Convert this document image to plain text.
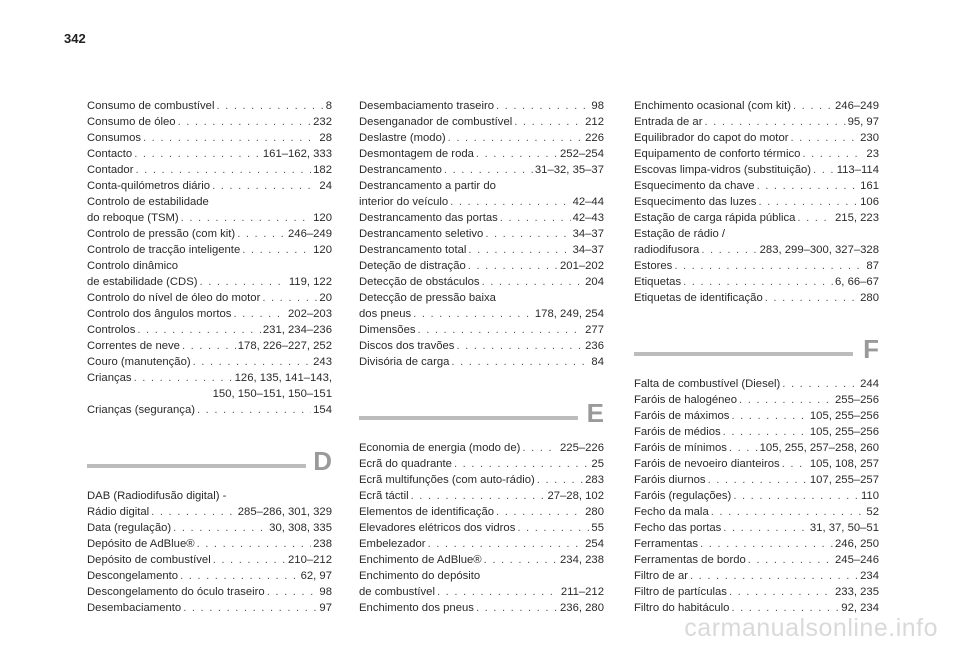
342
Consumo de combustível . . .	8
Consumo de óleo . . .	232
Consumos . . .	28
Contacto . . .	161–162, 333
Contador . . .	182
Conta-quilómetros diário . . .	24
Controlo de estabilidade
do reboque (TSM) . . .	120
Controlo de pressão (com kit) . . .	246–249
Controlo de tracção inteligente . . .	120
Controlo dinâmico
de estabilidade (CDS) . . .	119, 122
Controlo do nível de óleo do motor . . .	20
Controlo dos ângulos mortos . . .	202–203
Controlos . . .	231, 234–236
Correntes de neve . . .	178, 226–227, 252
Couro (manutenção) . . .	243
Crianças . . .	126, 135, 141–143,
150, 150–151, 150–151
Crianças (segurança) . . .	154
D
DAB (Radiodifusão digital) -
Rádio digital . . .	285–286, 301, 329
Data (regulação) . . .	30, 308, 335
Depósito de AdBlue® . . .	238
Depósito de combustível . . .	210–212
Descongelamento . . .	62, 97
Descongelamento do óculo traseiro . . .	98
Desembaciamento . . .	97
Desembaciamento traseiro . . .	98
Desenganador de combustível . . .	212
Deslastre (modo) . . .	226
Desmontagem de roda . . .	252–254
Destrancamento . . .	31–32, 35–37
Destrancamento a partir do
interior do veículo . . .	42–44
Destrancamento das portas . . .	42–43
Destrancamento seletivo . . .	34–37
Destrancamento total . . .	34–37
Deteção de distração . . .	201–202
Detecção de obstáculos . . .	204
Detecção de pressão baixa
dos pneus . . .	178, 249, 254
Dimensões . . .	277
Discos dos travões . . .	236
Divisória de carga . . .	84
E
Economia de energia (modo de) . . .	225–226
Ecrã do quadrante . . .	25
Ecrã multifunções (com auto-rádio) . . .	283
Ecrã táctil . . .	27–28, 102
Elementos de identificação . . .	280
Elevadores elétricos dos vidros . . .	55
Embelezador . . .	254
Enchimento de AdBlue® . . .	234, 238
Enchimento do depósito
de combustível . . .	211–212
Enchimento dos pneus . . .	236, 280
Enchimento ocasional (com kit) . . .	246–249
Entrada de ar . . .	95, 97
Equilibrador do capot do motor . . .	230
Equipamento de conforto térmico . . .	23
Escovas limpa-vidros (substituição) . . . 113–114
Esquecimento da chave . . .	161
Esquecimento das luzes . . .	106
Estação de carga rápida pública . . .	215, 223
Estação de rádio /
radiodifusora . . .	283, 299–300, 327–328
Estores . . .	87
Etiquetas . . .	6, 66–67
Etiquetas de identificação . . .	280
F
Falta de combustível (Diesel) . . .	244
Faróis de halogéneo . . .	255–256
Faróis de máximos . . .	105, 255–256
Faróis de médios . . .	105, 255–256
Faróis de mínimos . . .	105, 255, 257–258, 260
Faróis de nevoeiro dianteiros . . .	105, 108, 257
Faróis diurnos . . .	107, 255–257
Faróis (regulações) . . .	110
Fecho da mala . . .	52
Fecho das portas . . .	31, 37, 50–51
Ferramentas . . .	246, 250
Ferramentas de bordo . . .	245–246
Filtro de ar . . .	234
Filtro de partículas . . .	233, 235
Filtro do habitáculo . . .	92, 234
carmanualsonline.info
